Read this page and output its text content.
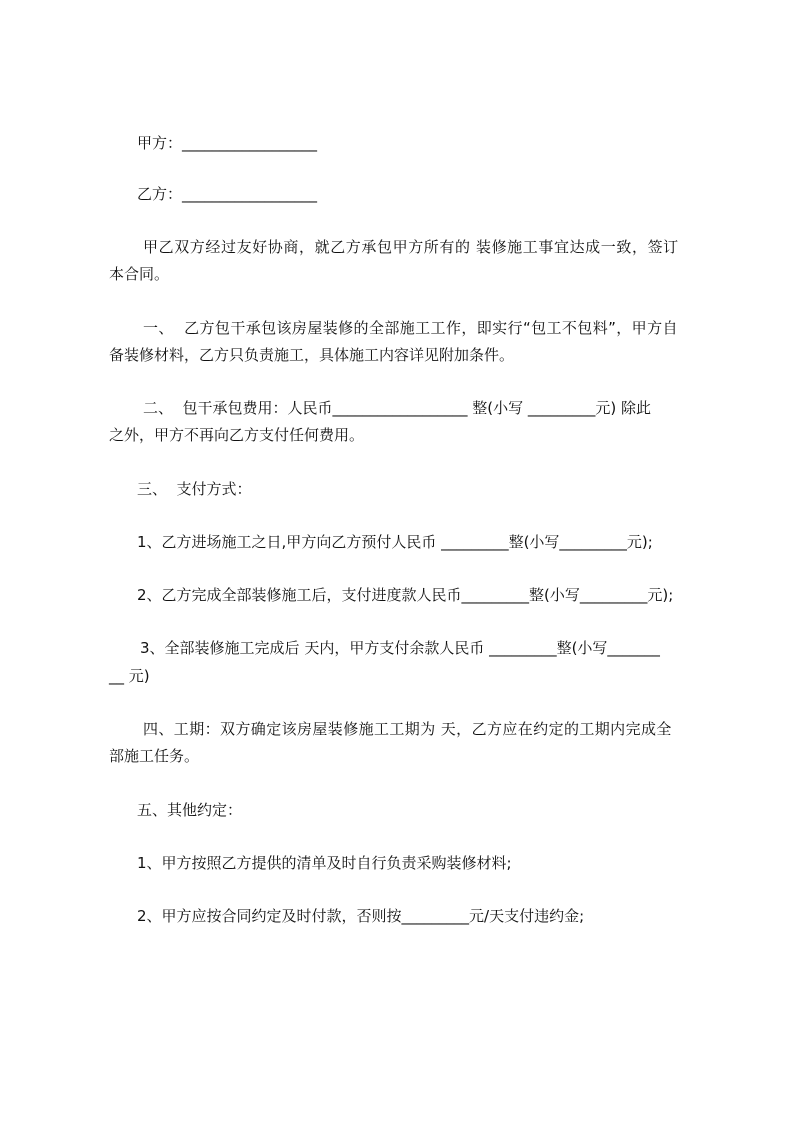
甲方：__________________
乙方：__________________
甲乙双方经过友好协商，就乙方承包甲方所有的 装修施工事宜达成一致，签订
本合同。
一、  乙方包干承包该房屋装修的全部施工工作，即实行“包工不包料”，甲方自
备装修材料，乙方只负责施工，具体施工内容详见附加条件。
二、  包干承包费用：人民币__________________ 整(小写 _________元) 除此
之外，甲方不再向乙方支付任何费用。
三、  支付方式：
1、乙方进场施工之日,甲方向乙方预付人民币 _________整(小写_________元);
2、乙方完成全部装修施工后，支付进度款人民币_________整(小写_________元);
3、全部装修施工完成后 天内，甲方支付余款人民币 _________整(小写_______
__ 元)
四、工期：双方确定该房屋装修施工工期为 天，乙方应在约定的工期内完成全
部施工任务。
五、其他约定：
1、甲方按照乙方提供的清单及时自行负责采购装修材料;
2、甲方应按合同约定及时付款，否则按_________元/天支付违约金;
